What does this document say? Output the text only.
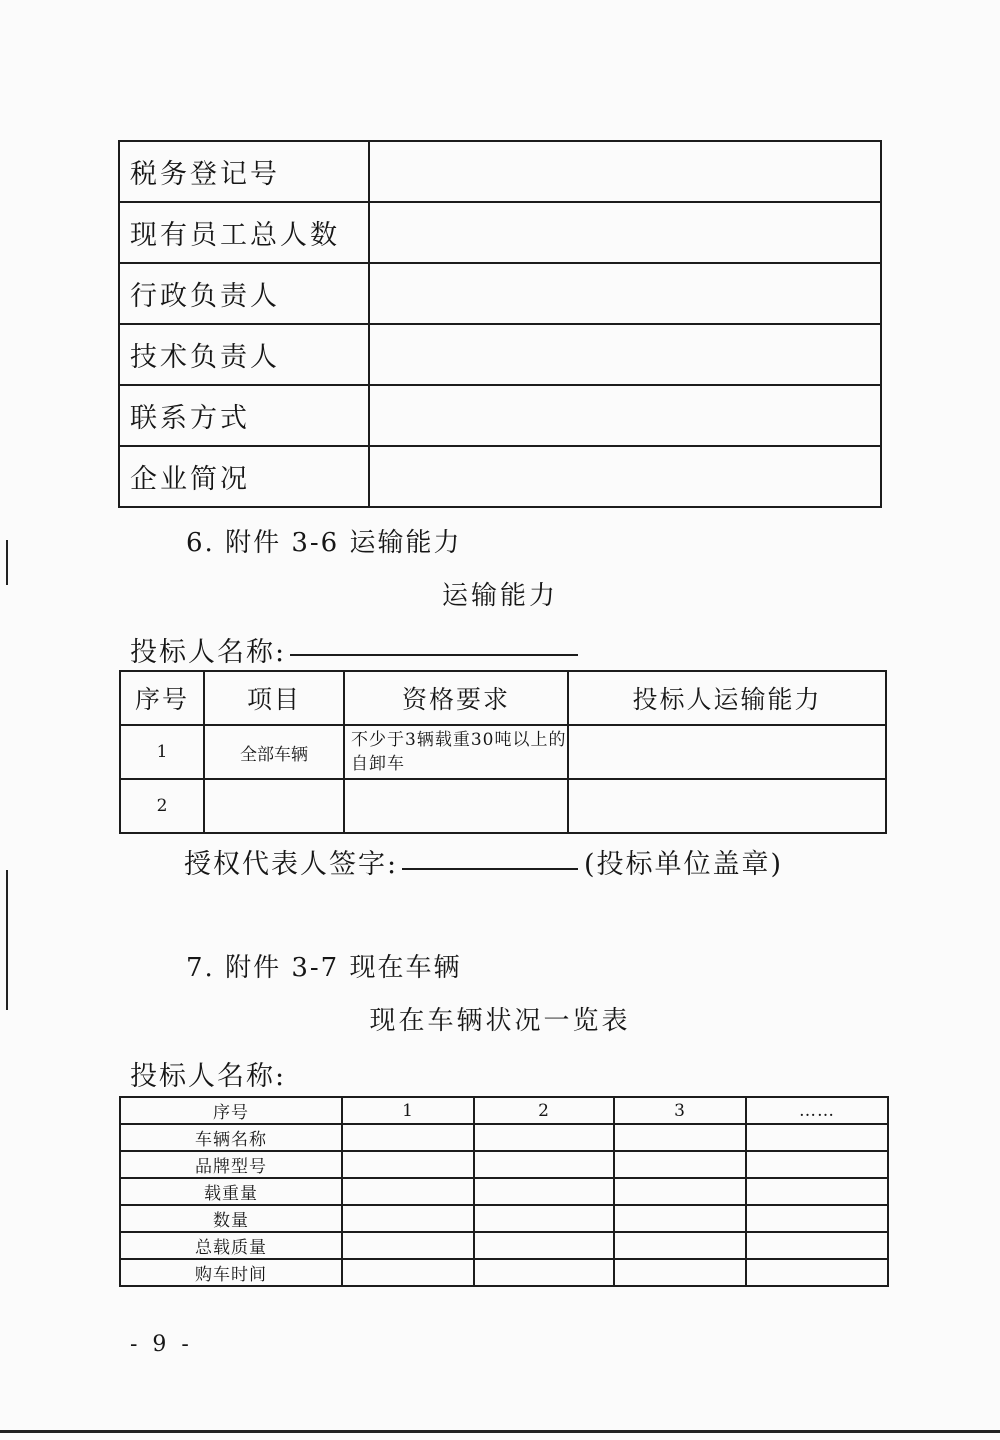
税务登记号	
现有员工总人数	
行政负责人	
技术负责人	
联系方式	
企业简况	
6. 附件 3-6 运输能力
运输能力
投标人名称:
序号	项目	资格要求	投标人运输能力
1	全部车辆	不少于3辆载重30吨以上的自卸车	
2			
授权代表人签字:	(投标单位盖章)
7. 附件 3-7 现在车辆
现在车辆状况一览表
投标人名称:
序号	1	2	3	……
车辆名称				
品牌型号				
载重量				
数量				
总载质量				
购车时间				
- 9 -
